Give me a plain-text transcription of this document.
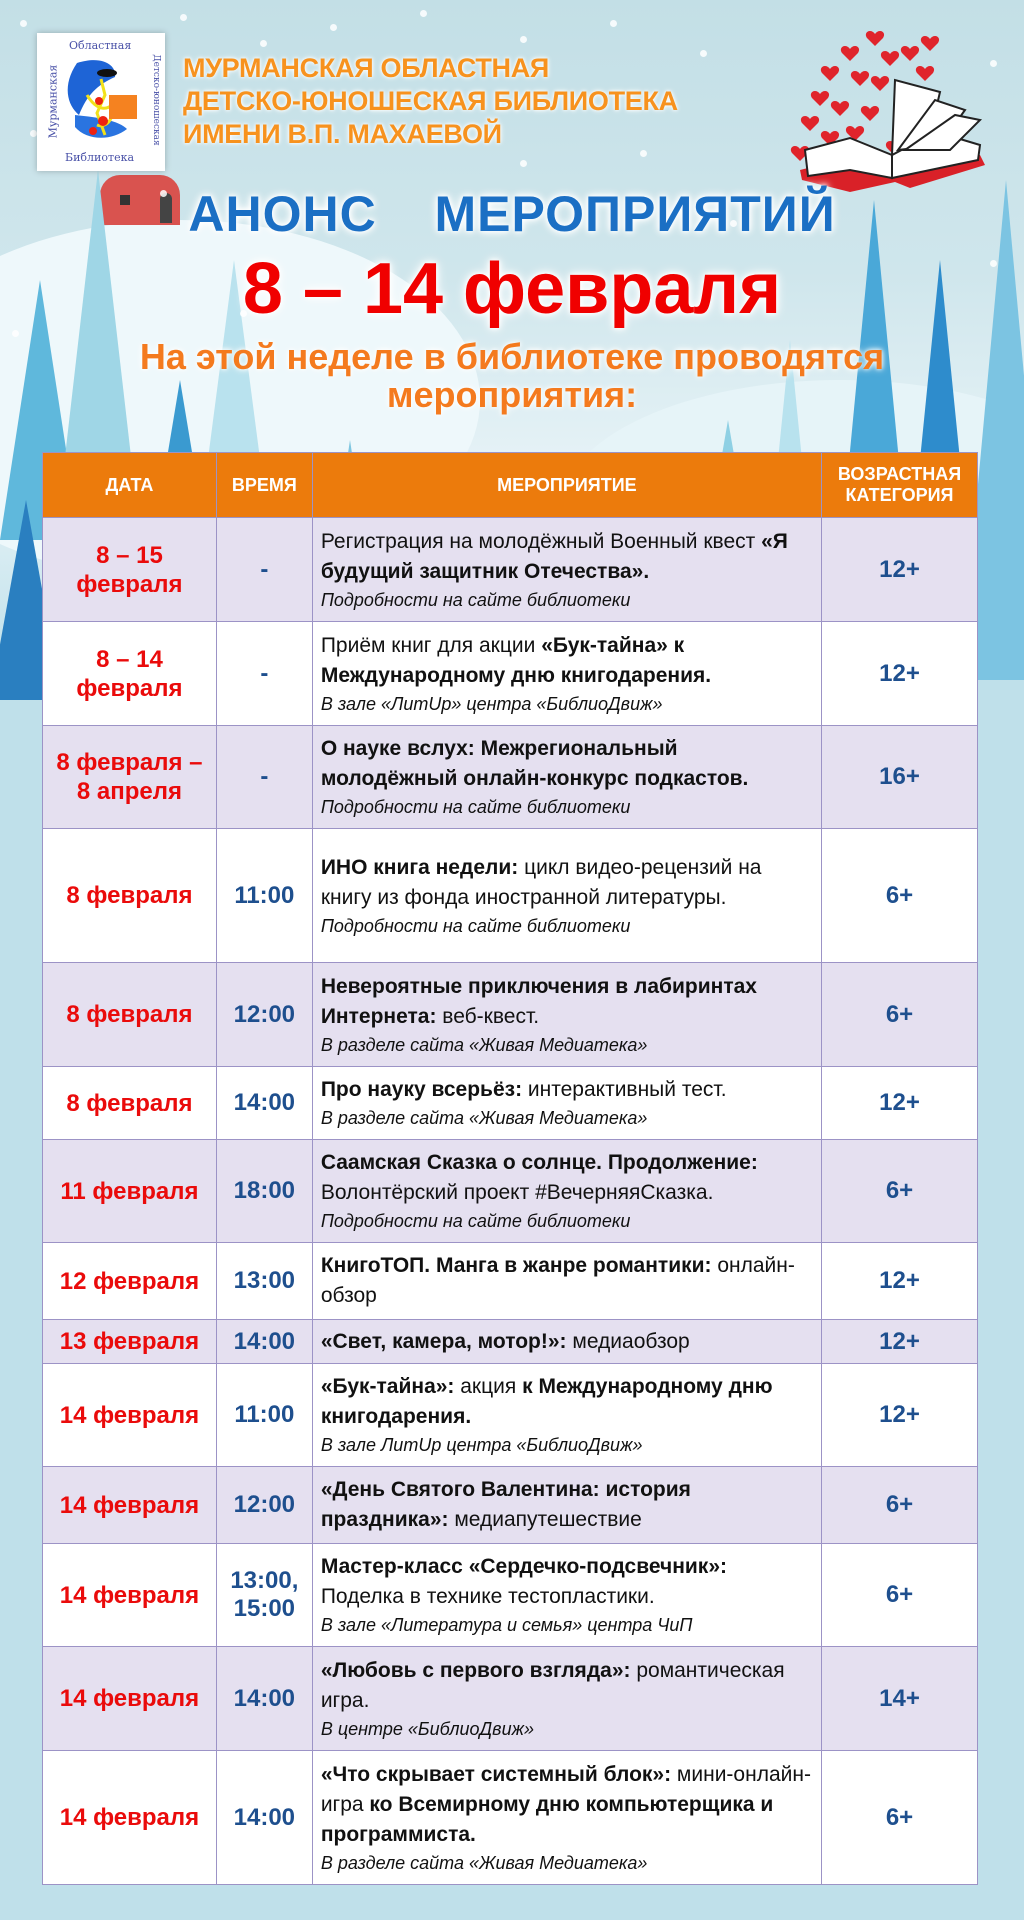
Областная
Мурманская	Детско-юношеская
Библиотека
МУРМАНСКАЯ ОБЛАСТНАЯ
ДЕТСКО-ЮНОШЕСКАЯ БИБЛИОТЕКА
ИМЕНИ В.П. МАХАЕВОЙ
АНОНС  МЕРОПРИЯТИЙ
8 – 14 февраля
На этой неделе в библиотеке проводятся
мероприятия:
ДАТА	ВРЕМЯ	МЕРОПРИЯТИЕ	ВОЗРАСТНАЯ КАТЕГОРИЯ
8 – 15 февраля	-	Регистрация на молодёжный Военный квест «Я будущий защитник Отечества».
Подробности на сайте библиотеки	12+
8 – 14 февраля	-	Приём книг для акции «Бук-тайна» к Международному дню книгодарения.
В зале «ЛитUp» центра «БиблиоДвиж»	12+
8 февраля – 8 апреля	-	О науке вслух: Межрегиональный молодёжный онлайн-конкурс подкастов.
Подробности на сайте библиотеки	16+
8 февраля	11:00	ИНО книга недели: цикл видео-рецензий на книгу из фонда иностранной литературы.
Подробности на сайте библиотеки	6+
8 февраля	12:00	Невероятные приключения в лабиринтах Интернета: веб-квест.
В разделе сайта «Живая Медиатека»	6+
8 февраля	14:00	Про науку всерьёз: интерактивный тест.
В разделе сайта «Живая Медиатека»	12+
11 февраля	18:00	Саамская Сказка о солнце. Продолжение: Волонтёрский проект #ВечерняяСказка.
Подробности на сайте библиотеки	6+
12 февраля	13:00	КнигоТОП. Манга в жанре романтики: онлайн-обзор	12+
13 февраля	14:00	«Свет, камера, мотор!»: медиаобзор	12+
14 февраля	11:00	«Бук-тайна»: акция к Международному дню книгодарения.
В зале ЛитUp центра «БиблиоДвиж»	12+
14 февраля	12:00	«День Святого Валентина: история праздника»: медиапутешествие	6+
14 февраля	13:00, 15:00	Мастер-класс «Сердечко-подсвечник»: Поделка в технике тестопластики.
В зале «Литература и семья» центра ЧиП	6+
14 февраля	14:00	«Любовь с первого взгляда»: романтическая игра.
В центре «БиблиоДвиж»	14+
14 февраля	14:00	«Что скрывает системный блок»: мини-онлайн-игра ко Всемирному дню компьютерщика и программиста.
В разделе сайта «Живая Медиатека»	6+
